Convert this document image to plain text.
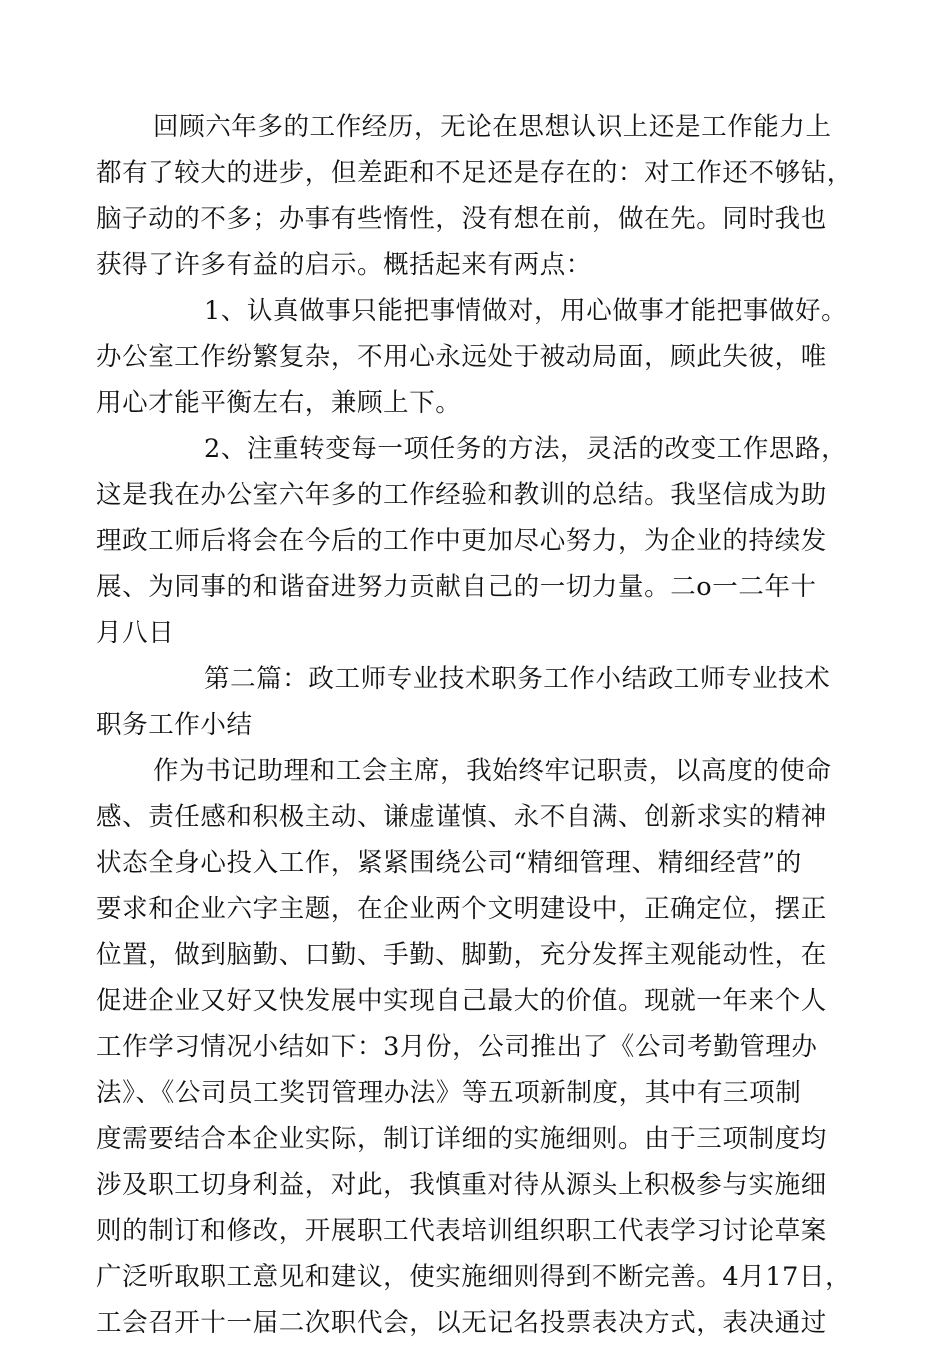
回顾六年多的工作经历，无论在思想认识上还是工作能力上
都有了较大的进步，但差距和不足还是存在的：对工作还不够钻，
脑子动的不多；办事有些惰性，没有想在前，做在先。同时我也
获得了许多有益的启示。概括起来有两点：
1、认真做事只能把事情做对，用心做事才能把事做好。
办公室工作纷繁复杂，不用心永远处于被动局面，顾此失彼，唯
用心才能平衡左右，兼顾上下。
2、注重转变每一项任务的方法，灵活的改变工作思路，
这是我在办公室六年多的工作经验和教训的总结。我坚信成为助
理政工师后将会在今后的工作中更加尽心努力，为企业的持续发
展、为同事的和谐奋进努力贡献自己的一切力量。二o一二年十
月八日
第二篇：政工师专业技术职务工作小结政工师专业技术
职务工作小结
作为书记助理和工会主席，我始终牢记职责，以高度的使命
感、责任感和积极主动、谦虚谨慎、永不自满、创新求实的精神
状态全身心投入工作，紧紧围绕公司“精细管理、精细经营”的
要求和企业六字主题，在企业两个文明建设中，正确定位，摆正
位置，做到脑勤、口勤、手勤、脚勤，充分发挥主观能动性，在
促进企业又好又快发展中实现自己最大的价值。现就一年来个人
工作学习情况小结如下：3月份，公司推出了《公司考勤管理办
法》、《公司员工奖罚管理办法》等五项新制度，其中有三项制
度需要结合本企业实际，制订详细的实施细则。由于三项制度均
涉及职工切身利益，对此，我慎重对待从源头上积极参与实施细
则的制订和修改，开展职工代表培训组织职工代表学习讨论草案
广泛听取职工意见和建议，使实施细则得到不断完善。4月17日，
工会召开十一届二次职代会，以无记名投票表决方式，表决通过
